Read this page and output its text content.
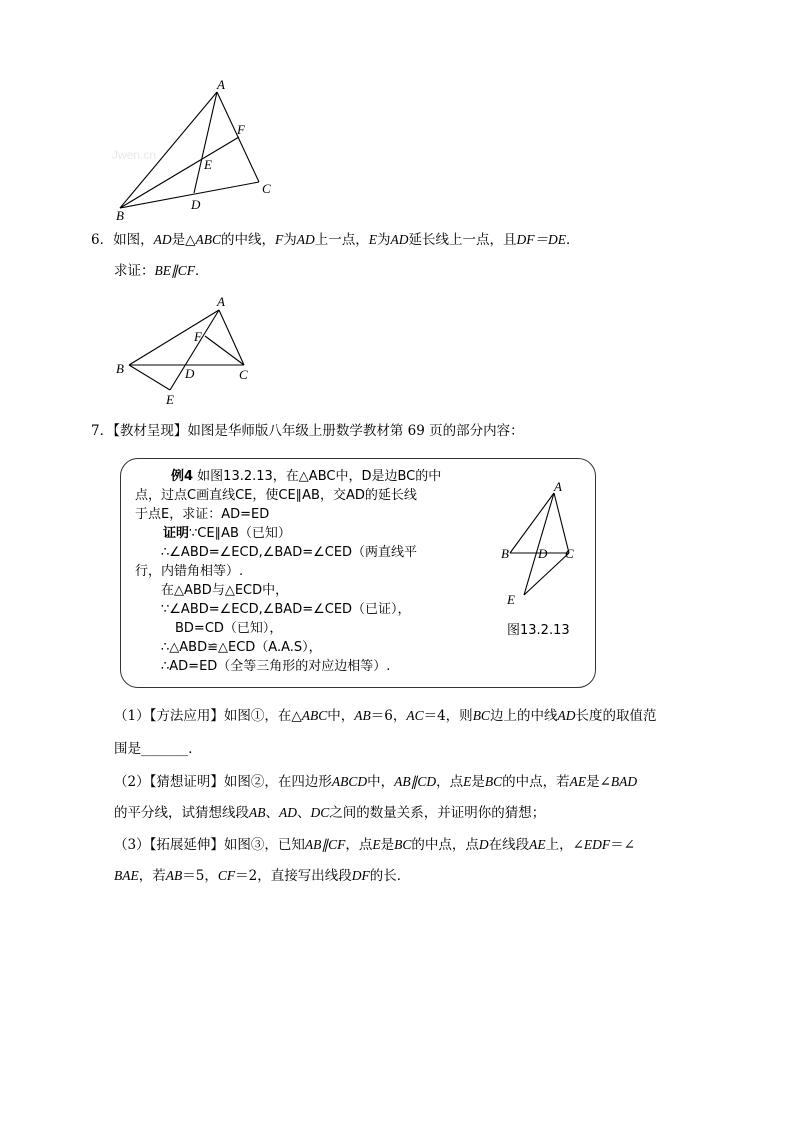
Jwen.cn
A
F
E
C
D
B
6．如图，AD是△ABC的中线，F为AD上一点，E为AD延长线上一点，且DF＝DE．
求证：BE∥CF．
A
F
B	D	C
E
7．【教材呈现】如图是华师版八年级上册数学教材第 69 页的部分内容：
例4 如图13.2.13，在△ABC中，D是边BC的中
点，过点C画直线CE，使CE∥AB，交AD的延长线
于点E，求证：AD=ED
证明∵CE∥AB（已知）
∴∠ABD=∠ECD,∠BAD=∠CED（两直线平
行，内错角相等）.
在△ABD与△ECD中，
∵∠ABD=∠ECD,∠BAD=∠CED（已证），
BD=CD（已知），
∴△ABD≌△ECD（A.A.S），
∴AD=ED（全等三角形的对应边相等）.
A
B D C
E
图13.2.13
（1）【方法应用】如图①，在△ABC中，AB＝6，AC＝4，则BC边上的中线AD长度的取值范
围是_______．
（2）【猜想证明】如图②，在四边形ABCD中，AB∥CD，点E是BC的中点，若AE是∠BAD
的平分线，试猜想线段AB、AD、DC之间的数量关系，并证明你的猜想；
（3）【拓展延伸】如图③，已知AB∥CF，点E是BC的中点，点D在线段AE上，∠EDF＝∠
BAE，若AB＝5，CF＝2，直接写出线段DF的长．
